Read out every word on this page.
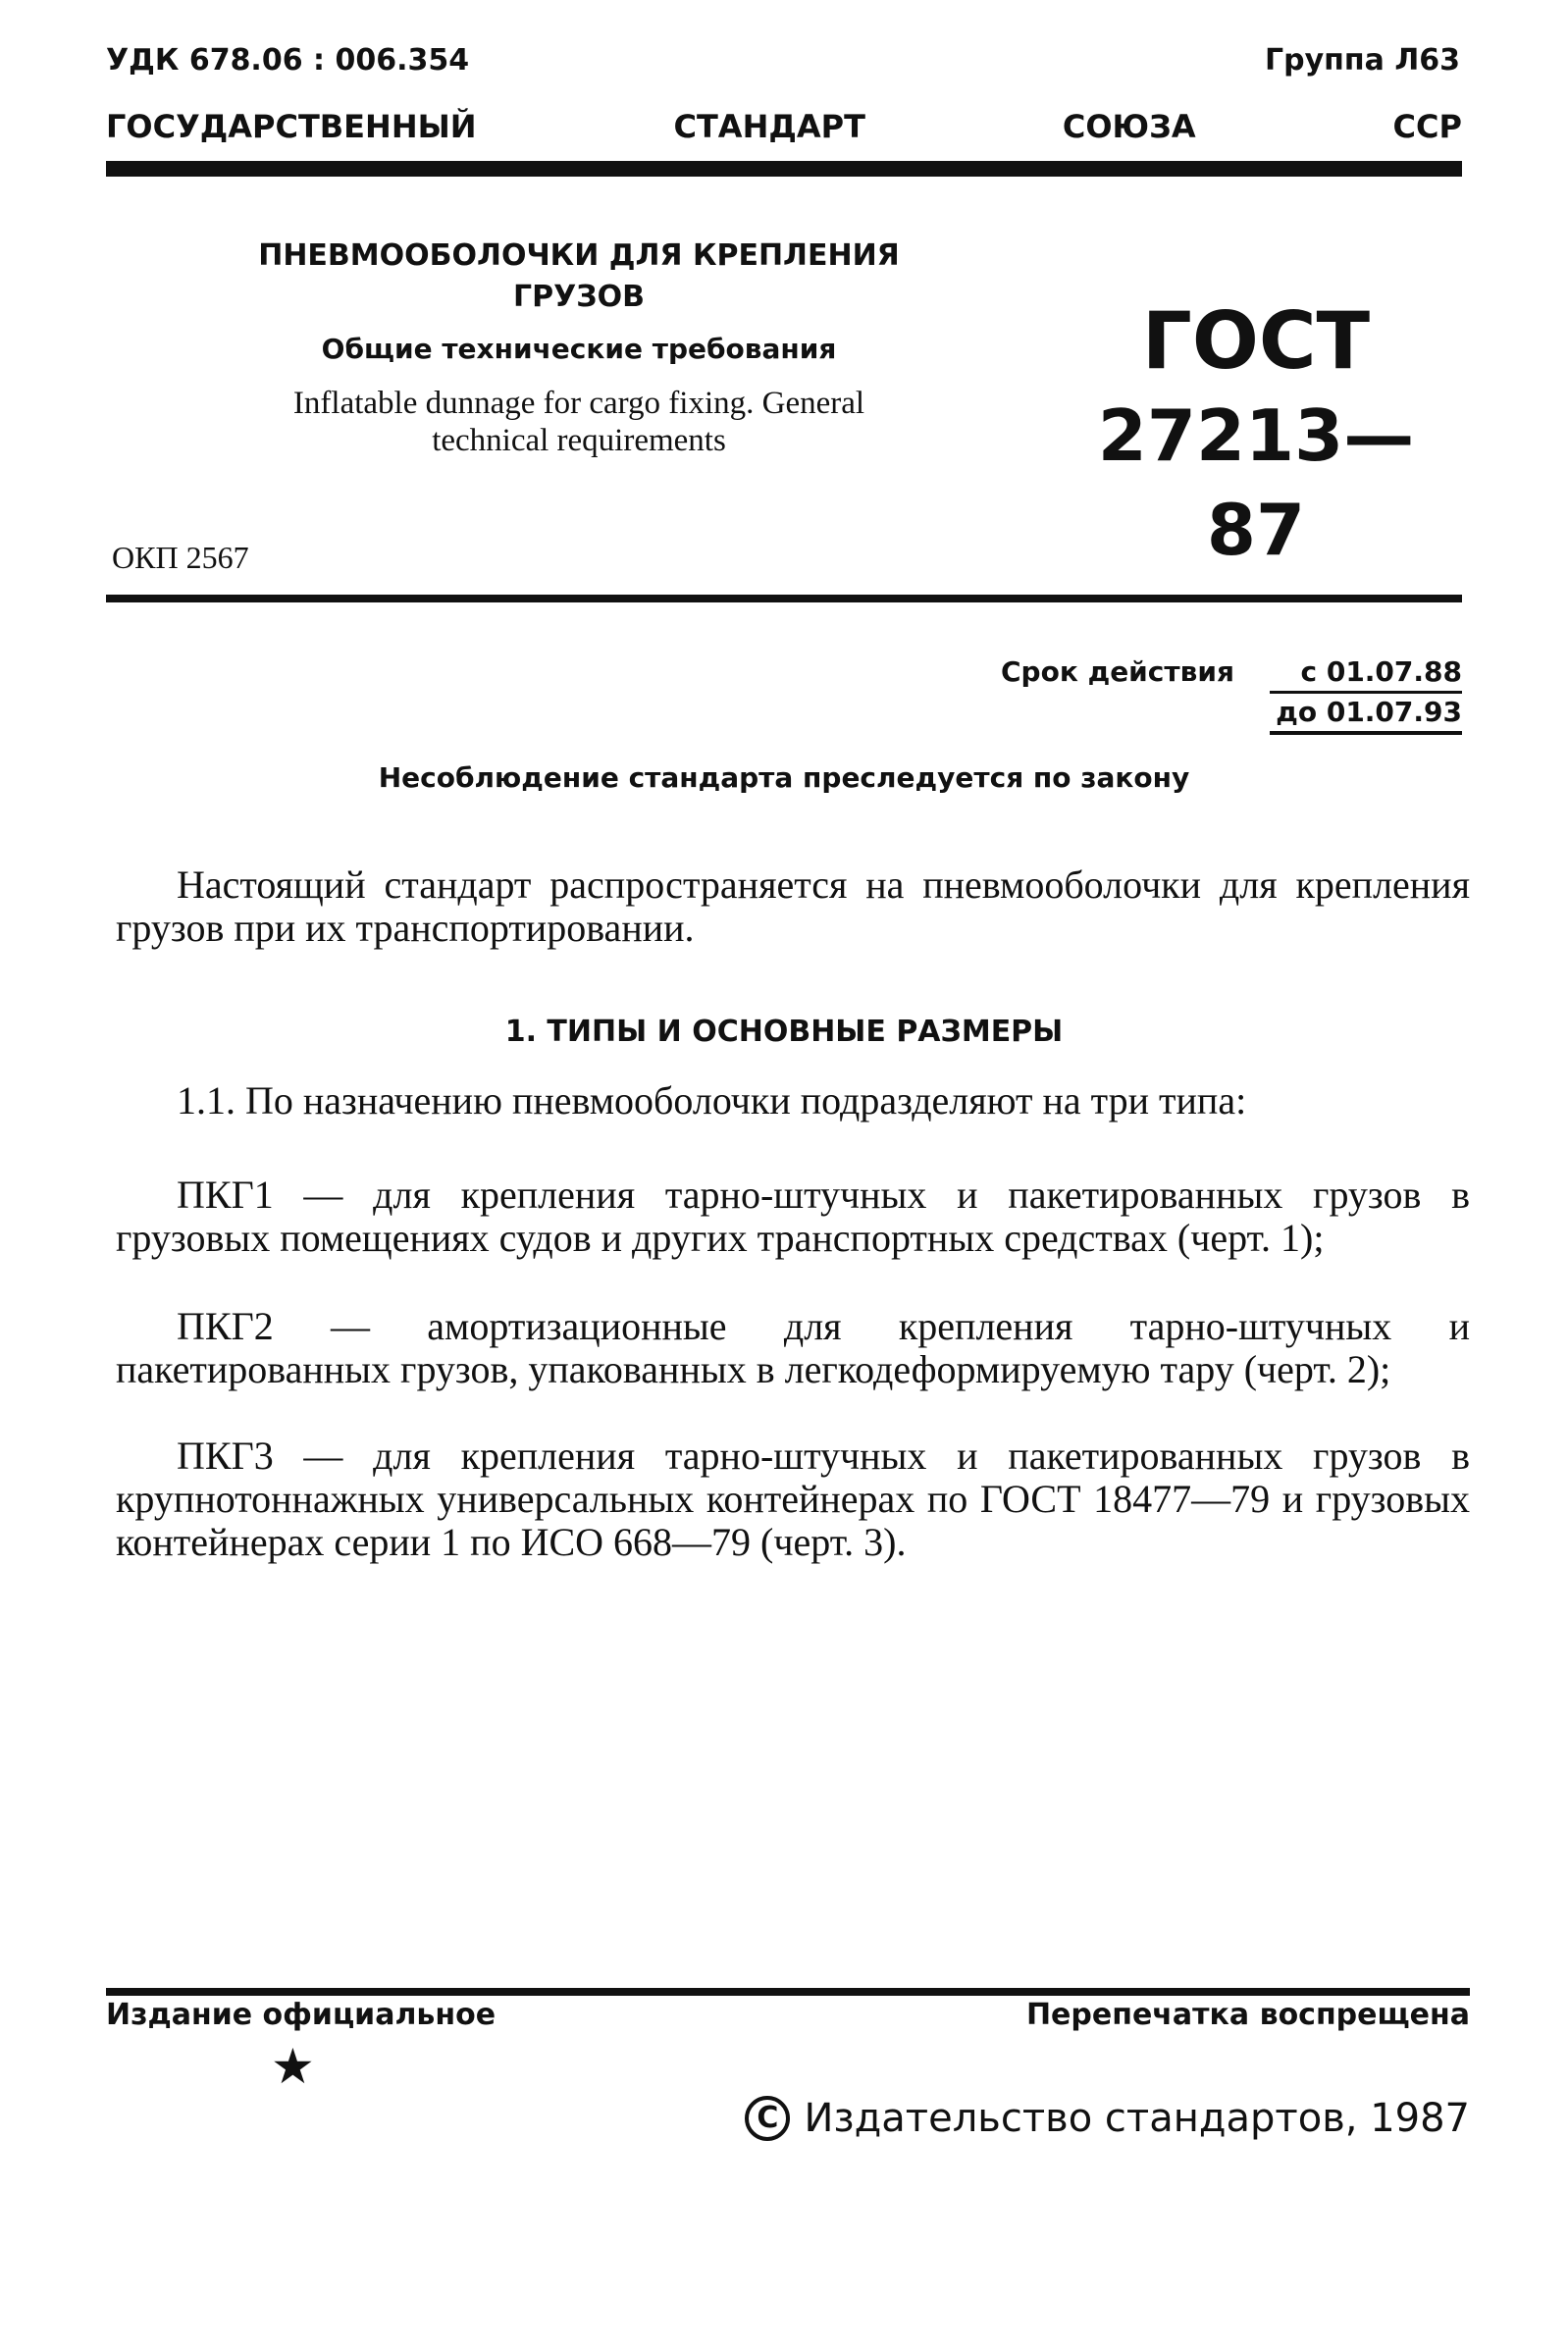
УДК 678.06 : 006.354	Группа Л63
ГОСУДАРСТВЕННЫЙ	СТАНДАРТ	СОЮЗА	ССР
ПНЕВМООБОЛОЧКИ ДЛЯ КРЕПЛЕНИЯ
ГРУЗОВ
Общие технические требования
Inflatable dunnage for cargo fixing. General
technical requirements
ГОСТ
27213—87
ОКП 2567
Срок действия	с 01.07.88
до 01.07.93
Несоблюдение стандарта преследуется по закону
Настоящий стандарт распространяется на пневмооболочки для крепления грузов при их транспортировании.
1. ТИПЫ И ОСНОВНЫЕ РАЗМЕРЫ
1.1. По назначению пневмооболочки подразделяют на три типа:
ПКГ1 — для крепления тарно-штучных и пакетированных грузов в грузовых помещениях судов и других транспортных средствах (черт. 1);
ПКГ2 — амортизационные для крепления тарно-штучных и пакетированных грузов, упакованных в легкодеформируемую тару (черт. 2);
ПКГ3 — для крепления тарно-штучных и пакетированных грузов в крупнотоннажных универсальных контейнерах по ГОСТ 18477—79 и грузовых контейнерах серии 1 по ИСО 668—79 (черт. 3).
Издание официальное	Перепечатка воспрещена
★
C Издательство стандартов, 1987
